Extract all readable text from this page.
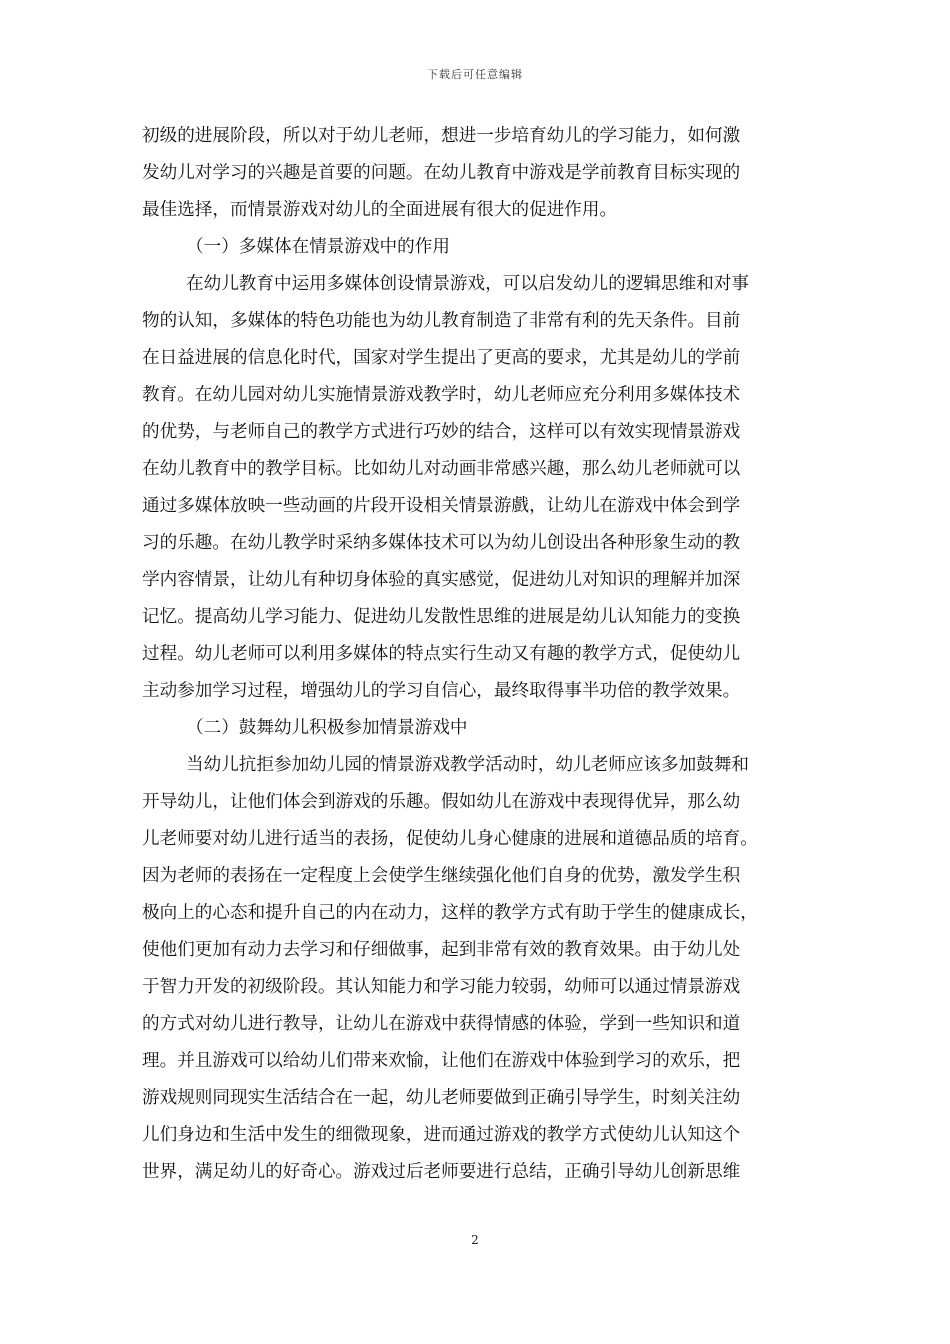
下载后可任意编辑
初级的进展阶段，所以对于幼儿老师，想进一步培育幼儿的学习能力，如何激
发幼儿对学习的兴趣是首要的问题。在幼儿教育中游戏是学前教育目标实现的
最佳选择，而情景游戏对幼儿的全面进展有很大的促进作用。
（一）多媒体在情景游戏中的作用
在幼儿教育中运用多媒体创设情景游戏，可以启发幼儿的逻辑思维和对事
物的认知，多媒体的特色功能也为幼儿教育制造了非常有利的先天条件。目前
在日益进展的信息化时代，国家对学生提出了更高的要求，尤其是幼儿的学前
教育。在幼儿园对幼儿实施情景游戏教学时，幼儿老师应充分利用多媒体技术
的优势，与老师自己的教学方式进行巧妙的结合，这样可以有效实现情景游戏
在幼儿教育中的教学目标。比如幼儿对动画非常感兴趣，那么幼儿老师就可以
通过多媒体放映一些动画的片段开设相关情景游戲，让幼儿在游戏中体会到学
习的乐趣。在幼儿教学时采纳多媒体技术可以为幼儿创设出各种形象生动的教
学内容情景，让幼儿有种切身体验的真实感觉，促进幼儿对知识的理解并加深
记忆。提高幼儿学习能力、促进幼儿发散性思维的进展是幼儿认知能力的变换
过程。幼儿老师可以利用多媒体的特点实行生动又有趣的教学方式，促使幼儿
主动参加学习过程，增强幼儿的学习自信心，最终取得事半功倍的教学效果。
（二）鼓舞幼儿积极参加情景游戏中
当幼儿抗拒参加幼儿园的情景游戏教学活动时，幼儿老师应该多加鼓舞和
开导幼儿，让他们体会到游戏的乐趣。假如幼儿在游戏中表现得优异，那么幼
儿老师要对幼儿进行适当的表扬，促使幼儿身心健康的进展和道德品质的培育。
因为老师的表扬在一定程度上会使学生继续强化他们自身的优势，激发学生积
极向上的心态和提升自己的内在动力，这样的教学方式有助于学生的健康成长，
使他们更加有动力去学习和仔细做事，起到非常有效的教育效果。由于幼儿处
于智力开发的初级阶段。其认知能力和学习能力较弱，幼师可以通过情景游戏
的方式对幼儿进行教导，让幼儿在游戏中获得情感的体验，学到一些知识和道
理。并且游戏可以给幼儿们带来欢愉，让他们在游戏中体验到学习的欢乐，把
游戏规则同现实生活结合在一起，幼儿老师要做到正确引导学生，时刻关注幼
儿们身边和生活中发生的细微现象，进而通过游戏的教学方式使幼儿认知这个
世界，满足幼儿的好奇心。游戏过后老师要进行总结，正确引导幼儿创新思维
2
